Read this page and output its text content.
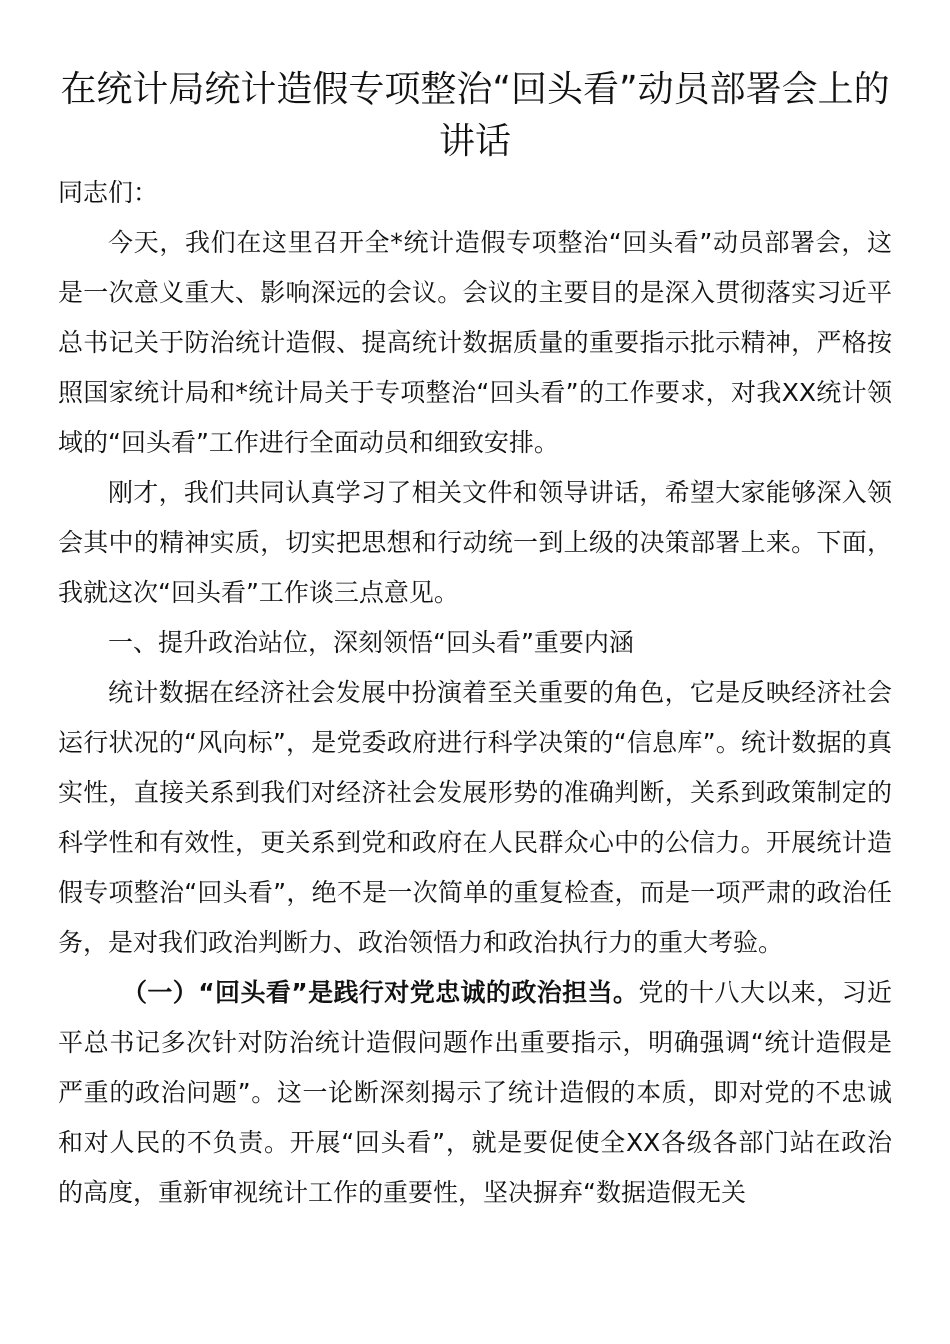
在统计局统计造假专项整治“回头看”动员部署会上的讲话

同志们：

今天，我们在这里召开全*统计造假专项整治“回头看”动员部署会，这是一次意义重大、影响深远的会议。会议的主要目的是深入贯彻落实习近平总书记关于防治统计造假、提高统计数据质量的重要指示批示精神，严格按照国家统计局和*统计局关于专项整治“回头看”的工作要求，对我XX统计领域的“回头看”工作进行全面动员和细致安排。

刚才，我们共同认真学习了相关文件和领导讲话，希望大家能够深入领会其中的精神实质，切实把思想和行动统一到上级的决策部署上来。下面，我就这次“回头看”工作谈三点意见。

一、提升政治站位，深刻领悟“回头看”重要内涵

统计数据在经济社会发展中扮演着至关重要的角色，它是反映经济社会运行状况的“风向标”，是党委政府进行科学决策的“信息库”。统计数据的真实性，直接关系到我们对经济社会发展形势的准确判断，关系到政策制定的科学性和有效性，更关系到党和政府在人民群众心中的公信力。开展统计造假专项整治“回头看”，绝不是一次简单的重复检查，而是一项严肃的政治任务，是对我们政治判断力、政治领悟力和政治执行力的重大考验。

（一）“回头看”是践行对党忠诚的政治担当。党的十八大以来，习近平总书记多次针对防治统计造假问题作出重要指示，明确强调“统计造假是严重的政治问题”。这一论断深刻揭示了统计造假的本质，即对党的不忠诚和对人民的不负责。开展“回头看”，就是要促使全XX各级各部门站在政治的高度，重新审视统计工作的重要性，坚决摒弃“数据造假无关
